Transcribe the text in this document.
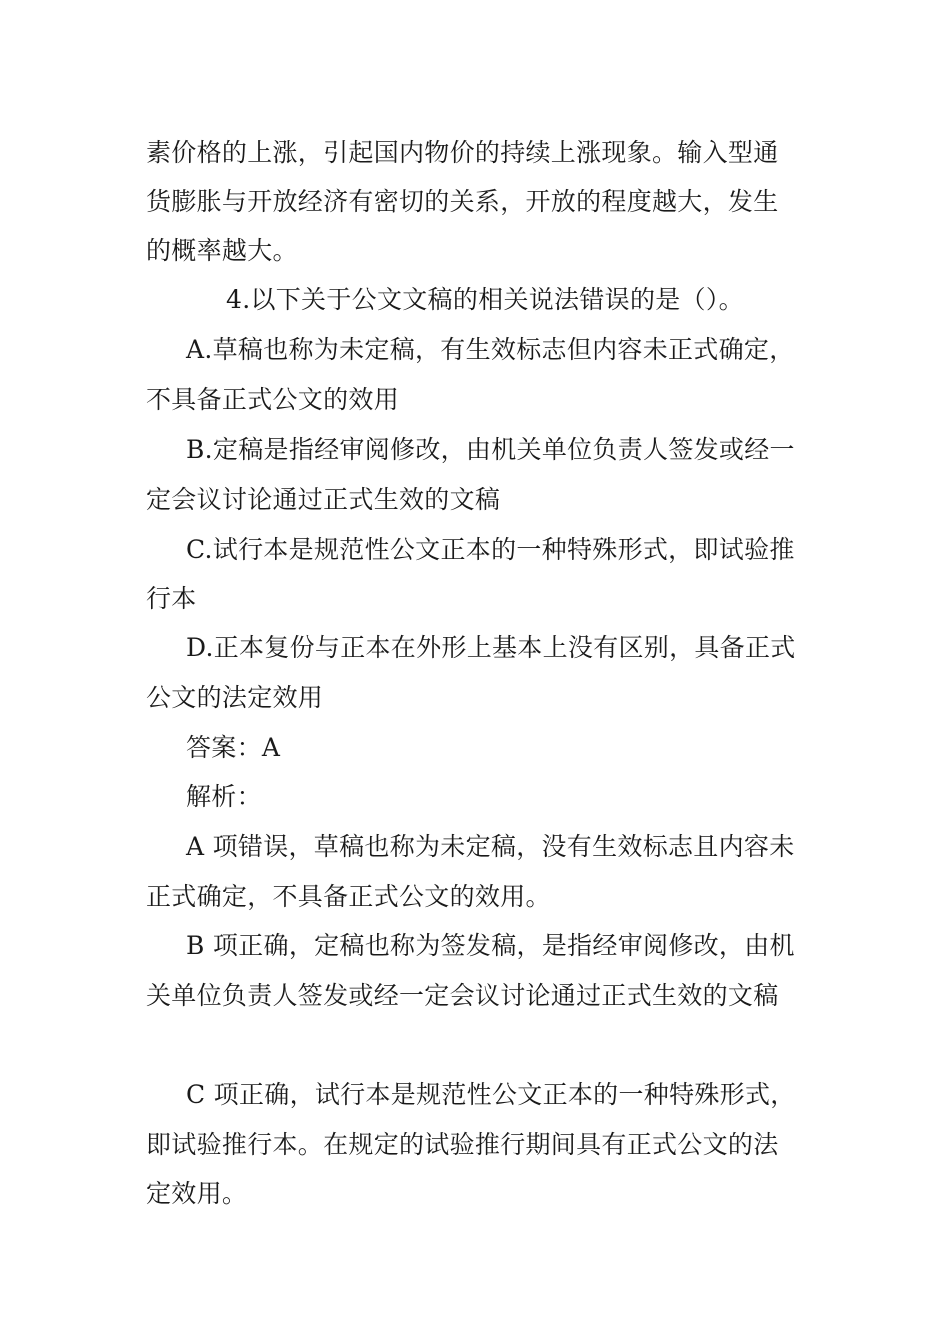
素价格的上涨，引起国内物价的持续上涨现象。输入型通
货膨胀与开放经济有密切的关系，开放的程度越大，发生
的概率越大。
4.以下关于公文文稿的相关说法错误的是（）。
A.草稿也称为未定稿，有生效标志但内容未正式确定，
不具备正式公文的效用
B.定稿是指经审阅修改，由机关单位负责人签发或经一
定会议讨论通过正式生效的文稿
C.试行本是规范性公文正本的一种特殊形式，即试验推
行本
D.正本复份与正本在外形上基本上没有区别，具备正式
公文的法定效用
答案：A
解析：
A 项错误，草稿也称为未定稿，没有生效标志且内容未
正式确定，不具备正式公文的效用。
B 项正确，定稿也称为签发稿，是指经审阅修改，由机
关单位负责人签发或经一定会议讨论通过正式生效的文稿
C 项正确，试行本是规范性公文正本的一种特殊形式，
即试验推行本。在规定的试验推行期间具有正式公文的法
定效用。
